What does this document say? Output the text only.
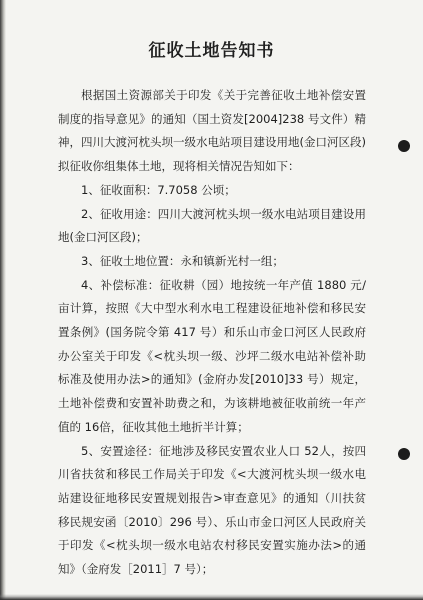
征收土地告知书

根据国土资源部关于印发《关于完善征收土地补偿安置制度的指导意见》的通知（国土资发[2004]238 号文件）精神，四川大渡河枕头坝一级水电站项目建设用地(金口河区段)拟征收你组集体土地，现将相关情况告知如下：

1、征收面积：7.7058 公顷；

2、征收用途：四川大渡河枕头坝一级水电站项目建设用地(金口河区段)；

3、征收土地位置：永和镇新光村一组；

4、补偿标准：征收耕（园）地按统一年产值 1880 元/亩计算，按照《大中型水利水电工程建设征地补偿和移民安置条例》(国务院令第 417 号）和乐山市金口河区人民政府办公室关于印发《<枕头坝一级、沙坪二级水电站补偿补助标准及使用办法>的通知》(金府办发[2010]33 号）规定，土地补偿费和安置补助费之和，为该耕地被征收前统一年产值的 16倍，征收其他土地折半计算；

5、安置途径：征地涉及移民安置农业人口 52人，按四川省扶贫和移民工作局关于印发《<大渡河枕头坝一级水电站建设征地移民安置规划报告>审查意见》的通知（川扶贫移民规安函〔2010〕296 号）、乐山市金口河区人民政府关于印发《<枕头坝一级水电站农村移民安置实施办法>的通知》（金府发［2011］7 号）；
